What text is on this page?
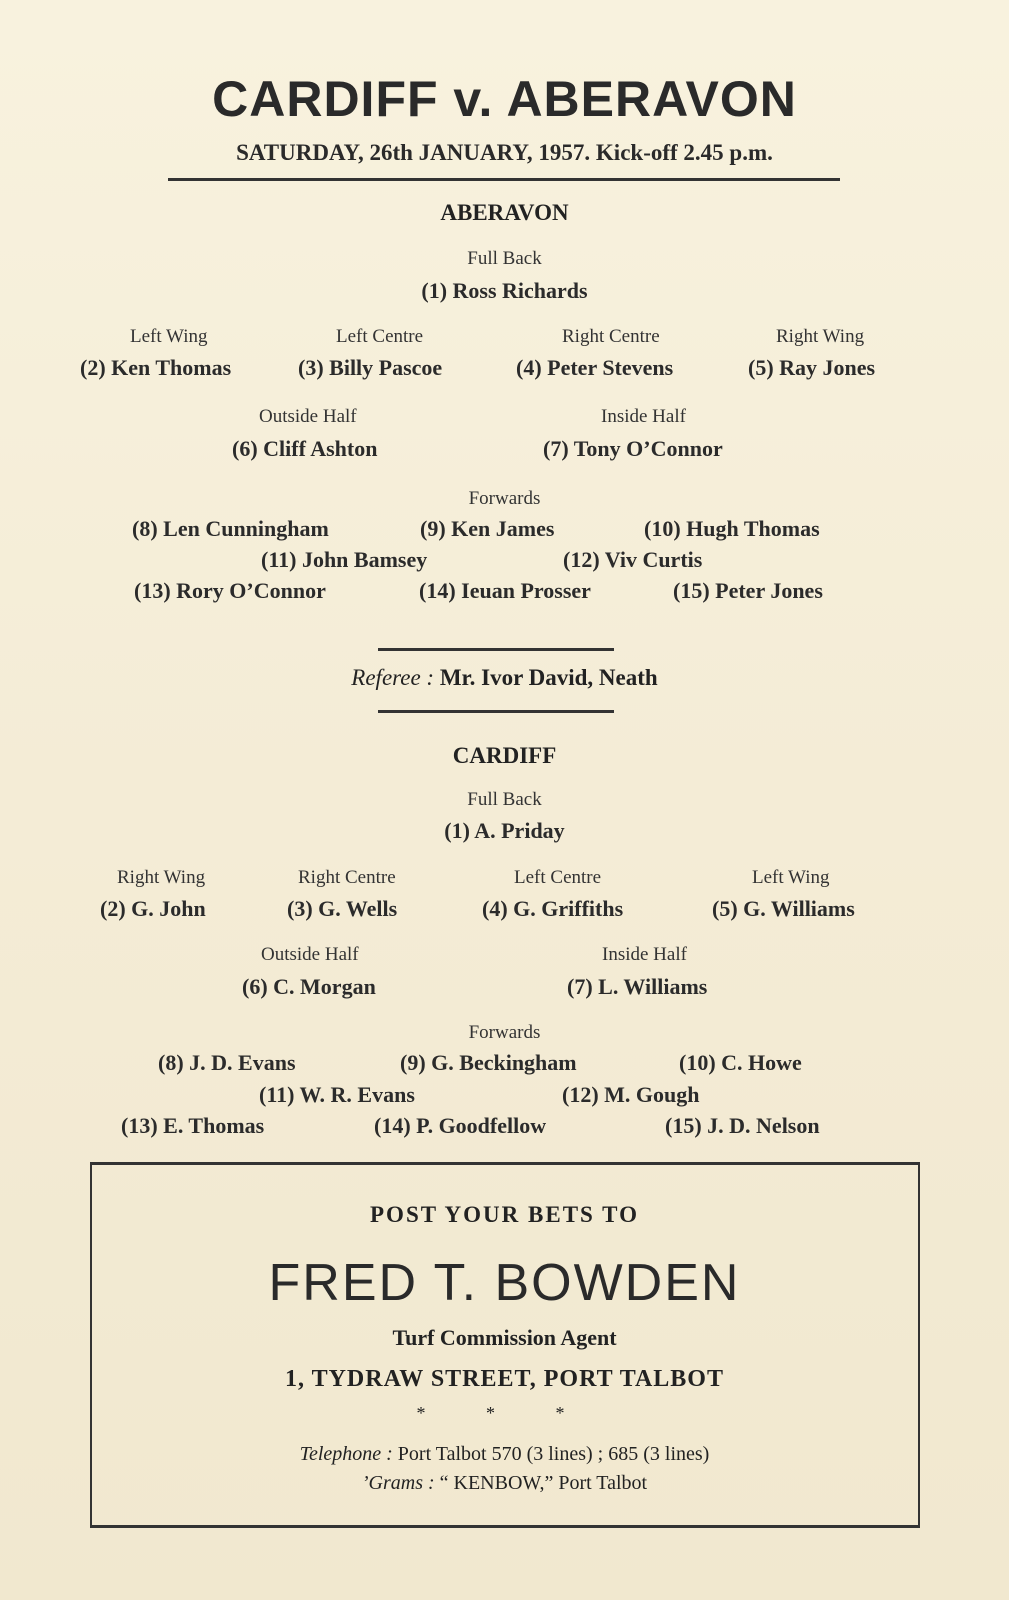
CARDIFF v. ABERAVON
SATURDAY, 26th JANUARY, 1957. Kick-off 2.45 p.m.
ABERAVON
Full Back
(1) Ross Richards
Left Wing
(2) Ken Thomas
Left Centre
(3) Billy Pascoe
Right Centre
(4) Peter Stevens
Right Wing
(5) Ray Jones
Outside Half
(6) Cliff Ashton
Inside Half
(7) Tony O’Connor
Forwards
(8) Len Cunningham	(9) Ken James	(10) Hugh Thomas
(11) John Bamsey	(12) Viv Curtis
(13) Rory O’Connor	(14) Ieuan Prosser	(15) Peter Jones
Referee : Mr. Ivor David, Neath
CARDIFF
Full Back
(1) A. Priday
Right Wing
(2) G. John
Right Centre
(3) G. Wells
Left Centre
(4) G. Griffiths
Left Wing
(5) G. Williams
Outside Half
(6) C. Morgan
Inside Half
(7) L. Williams
Forwards
(8) J. D. Evans	(9) G. Beckingham	(10) C. Howe
(11) W. R. Evans	(12) M. Gough
(13) E. Thomas	(14) P. Goodfellow	(15) J. D. Nelson
POST YOUR BETS TO
FRED T. BOWDEN
Turf Commission Agent
1, TYDRAW STREET, PORT TALBOT
* * *
Telephone : Port Talbot 570 (3 lines) ; 685 (3 lines)
’Grams : “ KENBOW,” Port Talbot
